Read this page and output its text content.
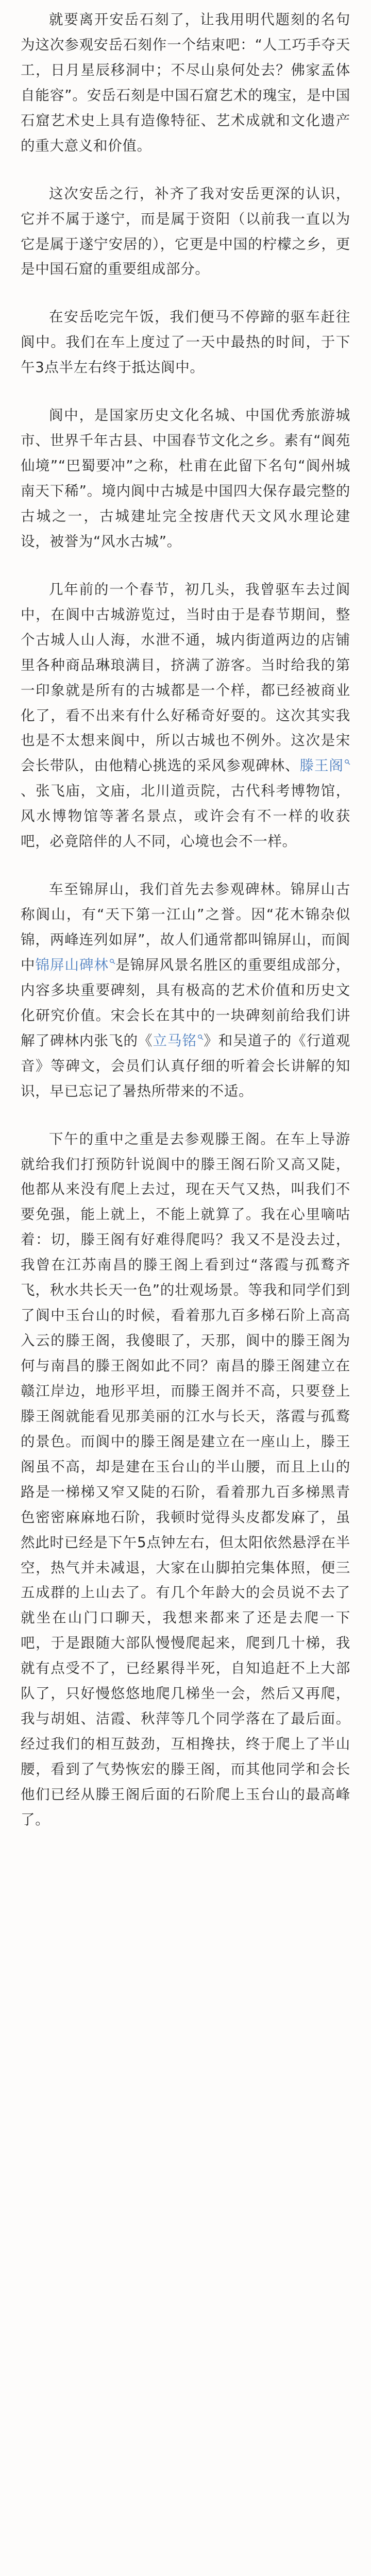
就要离开安岳石刻了，让我用明代题刻的名句为这次参观安岳石刻作一个结束吧：“人工巧手夺天工，日月星辰移洞中；不尽山泉何处去？佛家孟体自能容”。安岳石刻是中国石窟艺术的瑰宝，是中国石窟艺术史上具有造像特征、艺术成就和文化遗产的重大意义和价值。

这次安岳之行，补齐了我对安岳更深的认识，它并不属于遂宁，而是属于资阳（以前我一直以为它是属于遂宁安居的），它更是中国的柠檬之乡，更是中国石窟的重要组成部分。

在安岳吃完午饭，我们便马不停蹄的驱车赶往阆中。我们在车上度过了一天中最热的时间，于下午3点半左右终于抵达阆中。

阆中，是国家历史文化名城、中国优秀旅游城市、世界千年古县、中国春节文化之乡。素有“阆苑仙境”“巴蜀要冲”之称，杜甫在此留下名句“阆州城南天下稀”。境内阆中古城是中国四大保存最完整的古城之一，古城建址完全按唐代天文风水理论建设，被誉为“风水古城”。

几年前的一个春节，初几头，我曾驱车去过阆中，在阆中古城游览过，当时由于是春节期间，整个古城人山人海，水泄不通，城内街道两边的店铺里各种商品琳琅满目，挤满了游客。当时给我的第一印象就是所有的古城都是一个样，都已经被商业化了，看不出来有什么好稀奇好耍的。这次其实我也是不太想来阆中，所以古城也不例外。这次是宋会长带队，由他精心挑选的采风参观碑林、滕王阁
、张飞庙，文庙，北川道贡院，古代科考博物馆，风水博物馆等著名景点，或许会有不一样的收获吧，必竟陪伴的人不同，心境也会不一样。

车至锦屏山，我们首先去参观碑林。锦屏山古称阆山，有“天下第一江山”之誉。因“花木锦杂似锦，两峰连列如屏”，故人们通常都叫锦屏山，而阆中锦屏山碑林 是锦屏风景名胜区的重要组成部分，内容多块重要碑刻，具有极高的艺术价值和历史文化研究价值。宋会长在其中的一块碑刻前给我们讲解了碑林内张飞的《立马铭 》和吴道子的《行道观音》等碑文，会员们认真仔细的听着会长讲解的知识，早已忘记了暑热所带来的不适。

下午的重中之重是去参观滕王阁。在车上导游就给我们打预防针说阆中的滕王阁石阶又高又陡，他都从来没有爬上去过，现在天气又热，叫我们不要免强，能上就上，不能上就算了。我在心里嘀咕着：切，滕王阁有好难得爬吗？我又不是没去过，我曾在江苏南昌的滕王阁上看到过“落霞与孤鹜齐飞，秋水共长天一色”的壮观场景。等我和同学们到了阆中玉台山的时候，看着那九百多梯石阶上高高入云的滕王阁，我傻眼了，天那，阆中的滕王阁为何与南昌的滕王阁如此不同？南昌的滕王阁建立在赣江岸边，地形平坦，而滕王阁并不高，只要登上滕王阁就能看见那美丽的江水与长天，落霞与孤鹜的景色。而阆中的滕王阁是建立在一座山上，滕王阁虽不高，却是建在玉台山的半山腰，而且上山的路是一梯梯又窄又陡的石阶，看着那九百多梯黑青色密密麻麻地石阶，我顿时觉得头皮都发麻了，虽然此时已经是下午5点钟左右，但太阳依然悬浮在半空，热气并未减退，大家在山脚拍完集体照，便三五成群的上山去了。有几个年龄大的会员说不去了就坐在山门口聊天，我想来都来了还是去爬一下吧，于是跟随大部队慢慢爬起来，爬到几十梯，我就有点受不了，已经累得半死，自知追赶不上大部队了，只好慢悠悠地爬几梯坐一会，然后又再爬，我与胡姐、洁霞、秋萍等几个同学落在了最后面。经过我们的相互鼓劲，互相搀扶，终于爬上了半山腰，看到了气势恢宏的滕王阁，而其他同学和会长他们已经从滕王阁后面的石阶爬上玉台山的最高峰了。
